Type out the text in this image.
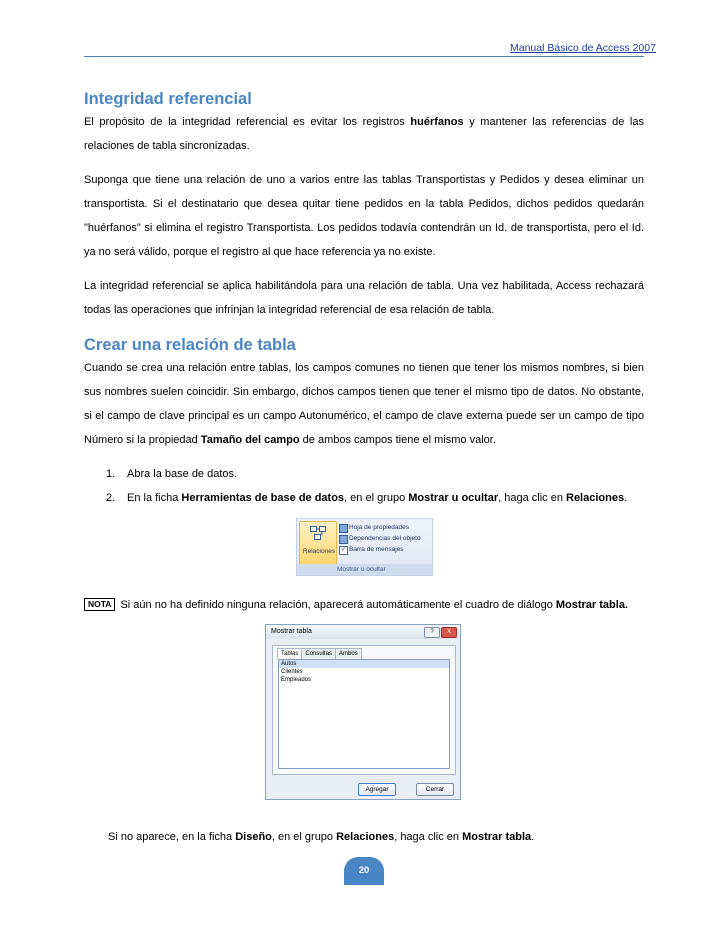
Manual Básico de Access 2007
Integridad referencial

El propósito de la integridad referencial es evitar los registros huérfanos y mantener las referencias de las relaciones de tabla sincronizadas.

Suponga que tiene una relación de uno a varios entre las tablas Transportistas y Pedidos y desea eliminar un transportista. Si el destinatario que desea quitar tiene pedidos en la tabla Pedidos, dichos pedidos quedarán "huérfanos" si elimina el registro Transportista. Los pedidos todavía contendrán un Id. de transportista, pero el Id. ya no será válido, porque el registro al que hace referencia ya no existe.

La integridad referencial se aplica habilitándola para una relación de tabla. Una vez habilitada, Access rechazará todas las operaciones que infrinjan la integridad referencial de esa relación de tabla.

Crear una relación de tabla

Cuando se crea una relación entre tablas, los campos comunes no tienen que tener los mismos nombres, si bien sus nombres suelen coincidir. Sin embargo, dichos campos tienen que tener el mismo tipo de datos. No obstante, si el campo de clave principal es un campo Autonumérico, el campo de clave externa puede ser un campo de tipo Número si la propiedad Tamaño del campo de ambos campos tiene el mismo valor.

1. Abra la base de datos.
2. En la ficha Herramientas de base de datos, en el grupo Mostrar u ocultar, haga clic en Relaciones.
Relaciones
Hoja de propiedades
Dependencias del objeto
✓ Barra de mensajes
Mostrar u ocultar
NOTA Si aún no ha definido ninguna relación, aparecerá automáticamente el cuadro de diálogo Mostrar tabla.
Mostrar tabla	?	X
Tablas Consultas Ambos
Autos
Clientes
Empleados
Agregar	Cerrar
Si no aparece, en la ficha Diseño, en el grupo Relaciones, haga clic en Mostrar tabla.
20
